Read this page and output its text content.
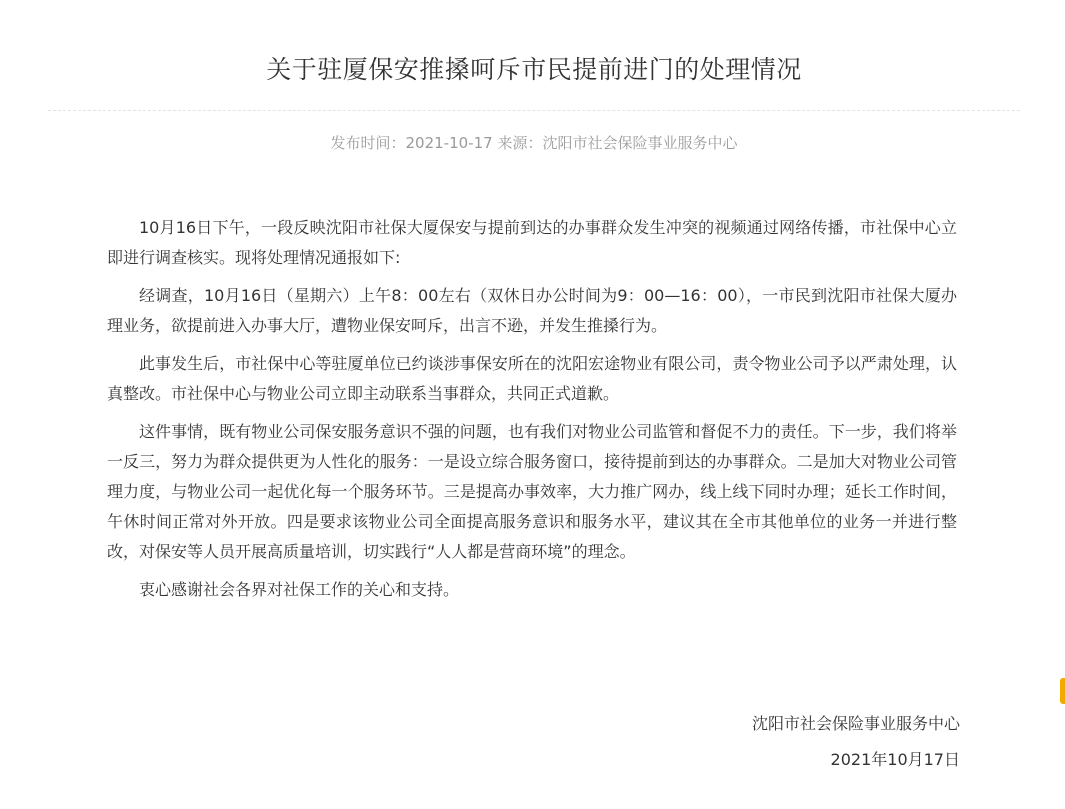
关于驻厦保安推搡呵斥市民提前进门的处理情况
发布时间：2021-10-17 来源：沈阳市社会保险事业服务中心

10月16日下午，一段反映沈阳市社保大厦保安与提前到达的办事群众发生冲突的视频通过网络传播，市社保中心立即进行调查核实。现将处理情况通报如下:

经调查，10月16日（星期六）上午8：00左右（双休日办公时间为9：00—16：00），一市民到沈阳市社保大厦办理业务，欲提前进入办事大厅，遭物业保安呵斥，出言不逊，并发生推搡行为。

此事发生后，市社保中心等驻厦单位已约谈涉事保安所在的沈阳宏途物业有限公司，责令物业公司予以严肃处理，认真整改。市社保中心与物业公司立即主动联系当事群众，共同正式道歉。

这件事情，既有物业公司保安服务意识不强的问题，也有我们对物业公司监管和督促不力的责任。下一步，我们将举一反三，努力为群众提供更为人性化的服务：一是设立综合服务窗口，接待提前到达的办事群众。二是加大对物业公司管理力度，与物业公司一起优化每一个服务环节。三是提高办事效率，大力推广网办，线上线下同时办理；延长工作时间，午休时间正常对外开放。四是要求该物业公司全面提高服务意识和服务水平，建议其在全市其他单位的业务一并进行整改，对保安等人员开展高质量培训，切实践行“人人都是营商环境”的理念。

衷心感谢社会各界对社保工作的关心和支持。

沈阳市社会保险事业服务中心
2021年10月17日
